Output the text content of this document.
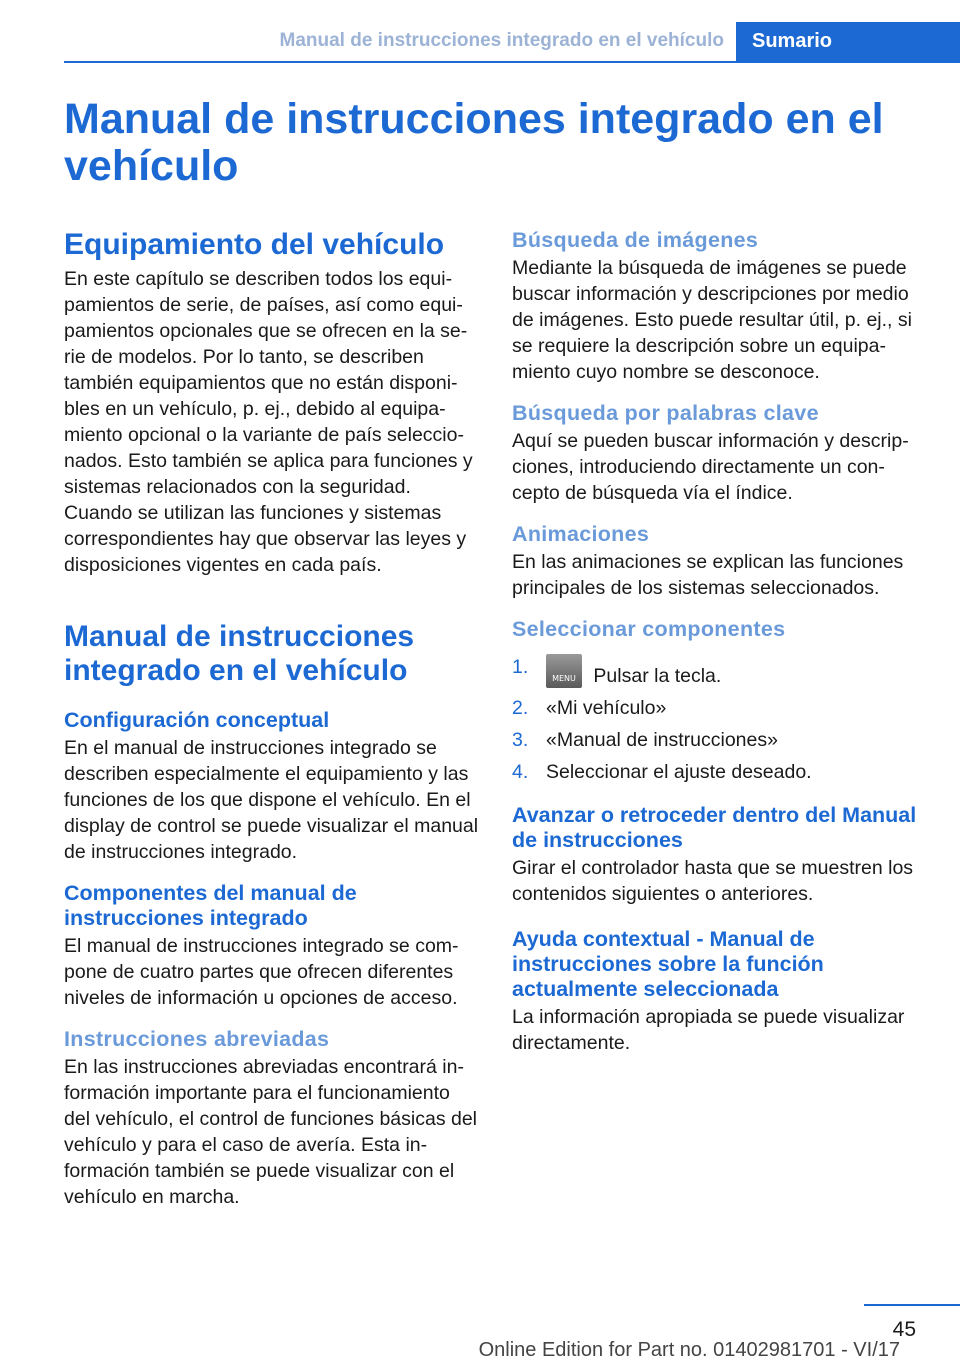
Manual de instrucciones integrado en el vehículo	Sumario
Manual de instrucciones integrado en el vehículo
Equipamiento del vehículo

En este capítulo se describen todos los equipamientos de serie, de países, así como equipamientos opcionales que se ofrecen en la serie de modelos. Por lo tanto, se describen también equipamientos que no están disponibles en un vehículo, p. ej., debido al equipamiento opcional o la variante de país seleccionados. Esto también se aplica para funciones y sistemas relacionados con la seguridad. Cuando se utilizan las funciones y sistemas correspondientes hay que observar las leyes y disposiciones vigentes en cada país.

Manual de instrucciones integrado en el vehículo
Configuración conceptual

En el manual de instrucciones integrado se describen especialmente el equipamiento y las funciones de los que dispone el vehículo. En el display de control se puede visualizar el manual de instrucciones integrado.

Componentes del manual de instrucciones integrado

El manual de instrucciones integrado se compone de cuatro partes que ofrecen diferentes niveles de información u opciones de acceso.

Instrucciones abreviadas

En las instrucciones abreviadas encontrará información importante para el funcionamiento del vehículo, el control de funciones básicas del vehículo y para el caso de avería. Esta información también se puede visualizar con el vehículo en marcha.

Búsqueda de imágenes

Mediante la búsqueda de imágenes se puede buscar información y descripciones por medio de imágenes. Esto puede resultar útil, p. ej., si se requiere la descripción sobre un equipamiento cuyo nombre se desconoce.

Búsqueda por palabras clave

Aquí se pueden buscar información y descripciones, introduciendo directamente un concepto de búsqueda vía el índice.

Animaciones

En las animaciones se explican las funciones principales de los sistemas seleccionados.

Seleccionar componentes
1.
MENU Pulsar la tecla.
2. «Mi vehículo»
3. «Manual de instrucciones»
4. Seleccionar el ajuste deseado.
Avanzar o retroceder dentro del Manual de instrucciones

Girar el controlador hasta que se muestren los contenidos siguientes o anteriores.

Ayuda contextual - Manual de instrucciones sobre la función actualmente seleccionada

La información apropiada se puede visualizar directamente.

45
Online Edition for Part no. 01402981701 - VI/17
